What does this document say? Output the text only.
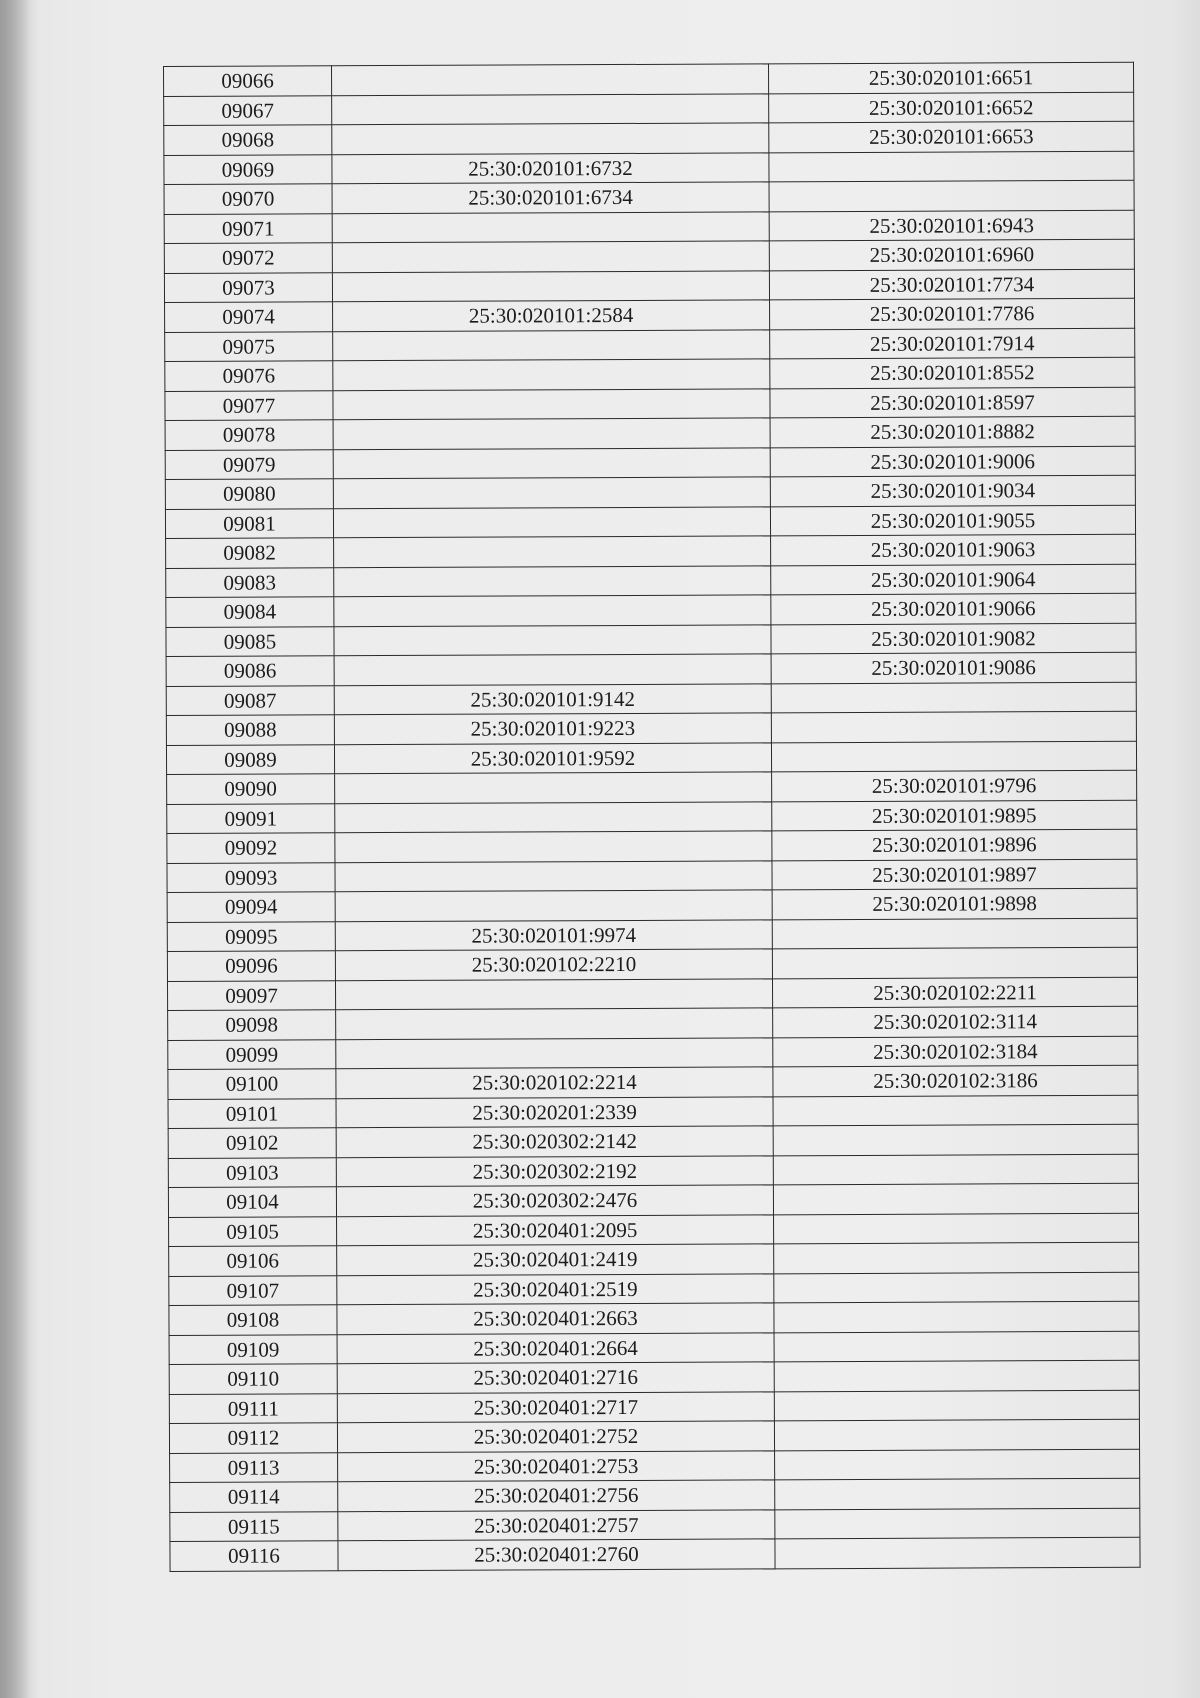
09066		25:30:020101:6651
09067		25:30:020101:6652
09068		25:30:020101:6653
09069	25:30:020101:6732	
09070	25:30:020101:6734	
09071		25:30:020101:6943
09072		25:30:020101:6960
09073		25:30:020101:7734
09074	25:30:020101:2584	25:30:020101:7786
09075		25:30:020101:7914
09076		25:30:020101:8552
09077		25:30:020101:8597
09078		25:30:020101:8882
09079		25:30:020101:9006
09080		25:30:020101:9034
09081		25:30:020101:9055
09082		25:30:020101:9063
09083		25:30:020101:9064
09084		25:30:020101:9066
09085		25:30:020101:9082
09086		25:30:020101:9086
09087	25:30:020101:9142	
09088	25:30:020101:9223	
09089	25:30:020101:9592	
09090		25:30:020101:9796
09091		25:30:020101:9895
09092		25:30:020101:9896
09093		25:30:020101:9897
09094		25:30:020101:9898
09095	25:30:020101:9974	
09096	25:30:020102:2210	
09097		25:30:020102:2211
09098		25:30:020102:3114
09099		25:30:020102:3184
09100	25:30:020102:2214	25:30:020102:3186
09101	25:30:020201:2339	
09102	25:30:020302:2142	
09103	25:30:020302:2192	
09104	25:30:020302:2476	
09105	25:30:020401:2095	
09106	25:30:020401:2419	
09107	25:30:020401:2519	
09108	25:30:020401:2663	
09109	25:30:020401:2664	
09110	25:30:020401:2716	
09111	25:30:020401:2717	
09112	25:30:020401:2752	
09113	25:30:020401:2753	
09114	25:30:020401:2756	
09115	25:30:020401:2757	
09116	25:30:020401:2760	
